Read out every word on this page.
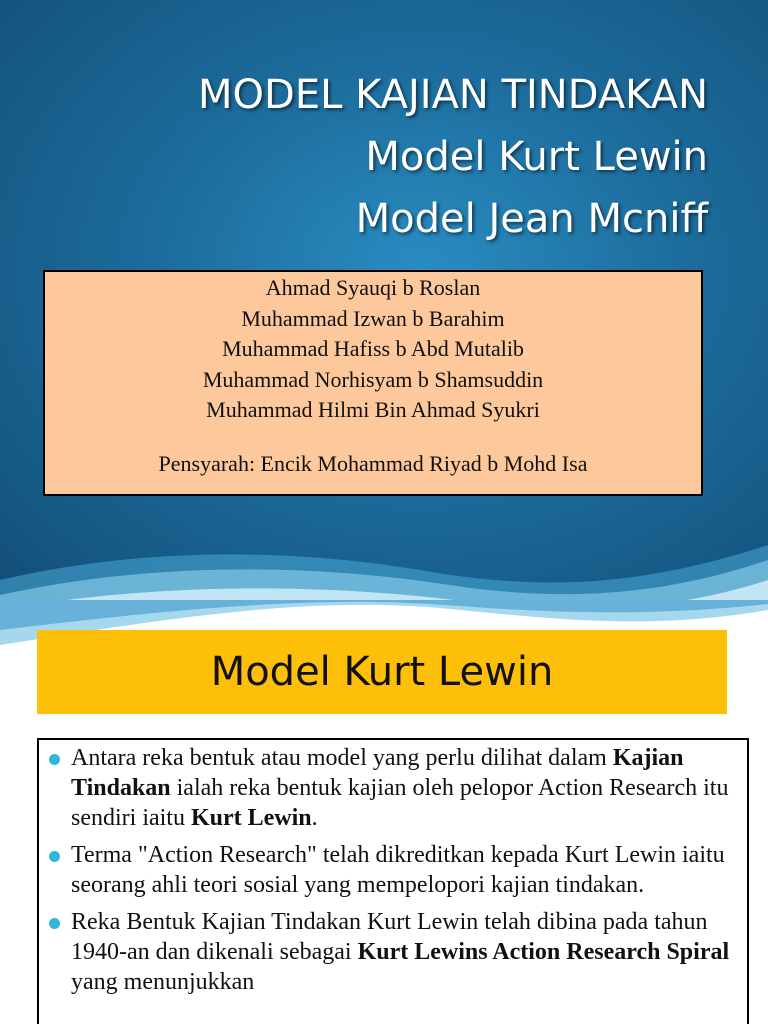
MODEL KAJIAN TINDAKAN
Model Kurt Lewin
Model Jean Mcniff
Ahmad Syauqi b Roslan
Muhammad Izwan b Barahim
Muhammad Hafiss b Abd Mutalib
Muhammad Norhisyam b Shamsuddin
Muhammad Hilmi Bin Ahmad Syukri
Pensyarah: Encik Mohammad Riyad b Mohd Isa
Model Kurt Lewin
Antara reka bentuk atau model yang perlu dilihat dalam Kajian Tindakan ialah reka bentuk kajian oleh pelopor Action Research itu sendiri iaitu Kurt Lewin.
Terma "Action Research" telah dikreditkan kepada Kurt Lewin iaitu seorang ahli teori sosial yang mempelopori kajian tindakan.
Reka Bentuk Kajian Tindakan Kurt Lewin telah dibina pada tahun 1940-an dan dikenali sebagai Kurt Lewins Action Research Spiral yang menunjukkan
